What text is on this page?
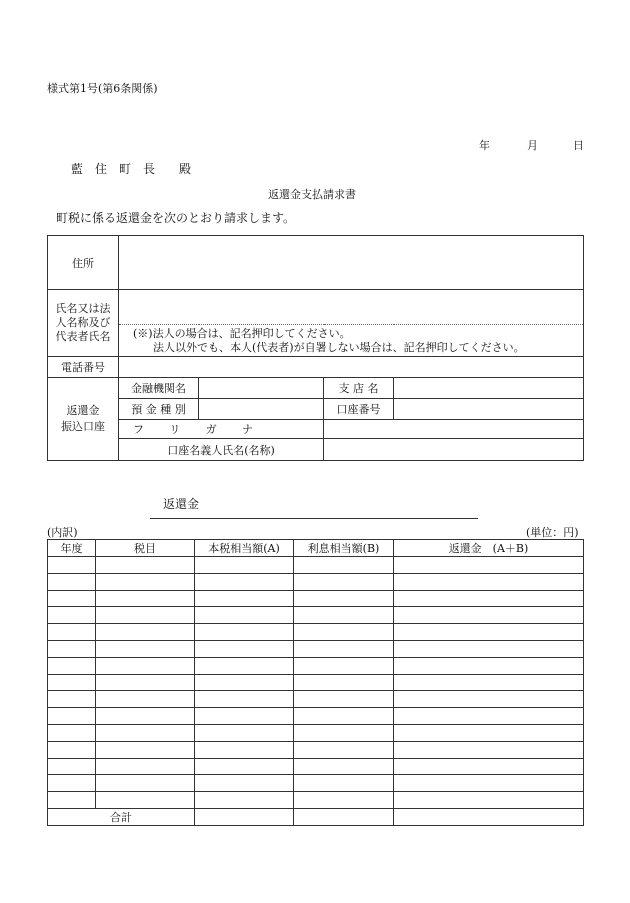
様式第1号(第6条関係)
年	月	日
藍　住　町　長　　殿
返還金支払請求書
町税に係る返還金を次のとおり請求します。
住所				

氏名又は法
人名称及び
代表者氏名				

	(※)法人の場合は、記名押印してください。
法人以外でも、本人(代表者)が自署しない場合は、記名押印してください。			

電話番号				

返還金
振込口座	金融機関名		支 店 名	
	預 金 種 別		口座番号	

	フ リ ガ ナ			

	口座名義人氏名(名称)			
返還金
(内訳)	(単位：円)
年度	税目	本税相当額(A)	利息相当額(B)	返還金　(A＋B)

合計				
